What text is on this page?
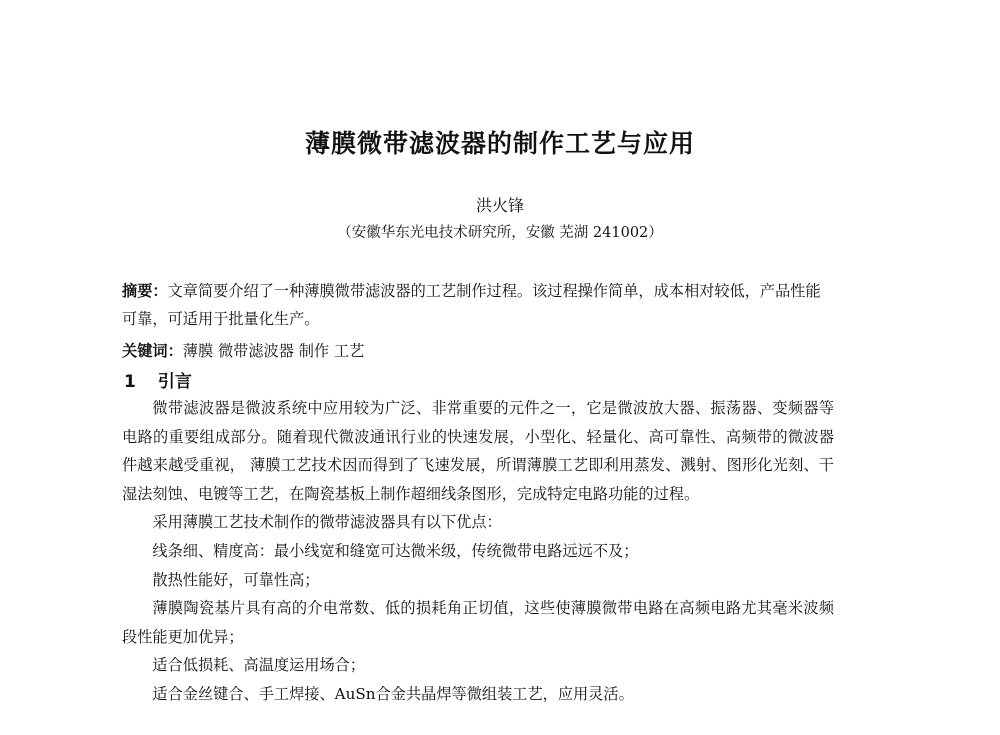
薄膜微带滤波器的制作工艺与应用
洪火锋
（安徽华东光电技术研究所，安徽 芜湖 241002）
摘要：文章简要介绍了一种薄膜微带滤波器的工艺制作过程。该过程操作简单，成本相对较低，产品性能可靠，可适用于批量化生产。
关键词：薄膜 微带滤波器 制作 工艺
1 引言

微带滤波器是微波系统中应用较为广泛、非常重要的元件之一，它是微波放大器、振荡器、变频器等电路的重要组成部分。随着现代微波通讯行业的快速发展，小型化、轻量化、高可靠性、高频带的微波器件越来越受重视， 薄膜工艺技术因而得到了飞速发展，所谓薄膜工艺即利用蒸发、溅射、图形化光刻、干湿法刻蚀、电镀等工艺，在陶瓷基板上制作超细线条图形，完成特定电路功能的过程。

采用薄膜工艺技术制作的微带滤波器具有以下优点：

线条细、精度高：最小线宽和缝宽可达微米级，传统微带电路远远不及；

散热性能好，可靠性高；

薄膜陶瓷基片具有高的介电常数、低的损耗角正切值，这些使薄膜微带电路在高频电路尤其毫米波频段性能更加优异；

适合低损耗、高温度运用场合；

适合金丝键合、手工焊接、AuSn合金共晶焊等微组装工艺，应用灵活。
